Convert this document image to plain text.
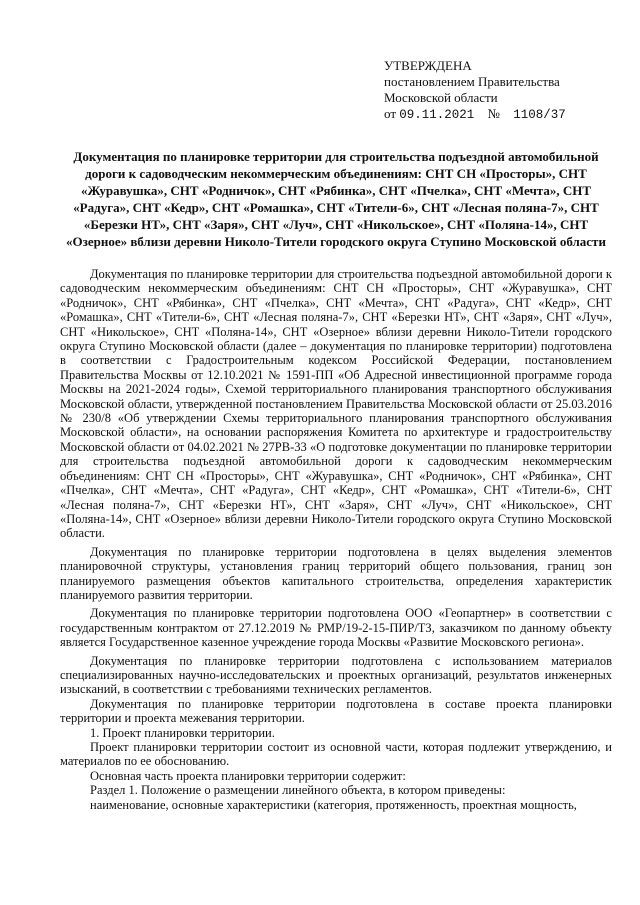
УТВЕРЖДЕНА
постановлением Правительства
Московской области
от 09.11.2021 № 1108/37
Документация по планировке территории для строительства подъездной автомобильной дороги к садоводческим некоммерческим объединениям: СНТ СН «Просторы», СНТ «Журавушка», СНТ «Родничок», СНТ «Рябинка», СНТ «Пчелка», СНТ «Мечта», СНТ «Радуга», СНТ «Кедр», СНТ «Ромашка», СНТ «Тители-6», СНТ «Лесная поляна-7», СНТ «Березки НТ», СНТ «Заря», СНТ «Луч», СНТ «Никольское», СНТ «Поляна-14», СНТ «Озерное» вблизи деревни Николо-Тители городского округа Ступино Московской области

Документация по планировке территории для строительства подъездной автомобильной дороги к садоводческим некоммерческим объединениям: СНТ СН «Просторы», СНТ «Журавушка», СНТ «Родничок», СНТ «Рябинка», СНТ «Пчелка», СНТ «Мечта», СНТ «Радуга», СНТ «Кедр», СНТ «Ромашка», СНТ «Тители-6», СНТ «Лесная поляна-7», СНТ «Березки НТ», СНТ «Заря», СНТ «Луч», СНТ «Никольское», СНТ «Поляна-14», СНТ «Озерное» вблизи деревни Николо-Тители городского округа Ступино Московской области (далее – документация по планировке территории) подготовлена в соответствии с Градостроительным кодексом Российской Федерации, постановлением Правительства Москвы от 12.10.2021 № 1591-ПП «Об Адресной инвестиционной программе города Москвы на 2021-2024 годы», Схемой территориального планирования транспортного обслуживания Московской области, утвержденной постановлением Правительства Московской области от 25.03.2016 № 230/8 «Об утверждении Схемы территориального планирования транспортного обслуживания Московской области», на основании распоряжения Комитета по архитектуре и градостроительству Московской области от 04.02.2021 № 27РВ-33 «О подготовке документации по планировке территории для строительства подъездной автомобильной дороги к садоводческим некоммерческим объединениям: СНТ СН «Просторы», СНТ «Журавушка», СНТ «Родничок», СНТ «Рябинка», СНТ «Пчелка», СНТ «Мечта», СНТ «Радуга», СНТ «Кедр», СНТ «Ромашка», СНТ «Тители-6», СНТ «Лесная поляна-7», СНТ «Березки НТ», СНТ «Заря», СНТ «Луч», СНТ «Никольское», СНТ «Поляна-14», СНТ «Озерное» вблизи деревни Николо-Тители городского округа Ступино Московской области.

Документация по планировке территории подготовлена в целях выделения элементов планировочной структуры, установления границ территорий общего пользования, границ зон планируемого размещения объектов капитального строительства, определения характеристик планируемого развития территории.

Документация по планировке территории подготовлена ООО «Геопартнер» в соответствии с государственным контрактом от 27.12.2019 № РМР/19-2-15-ПИР/ТЗ, заказчиком по данному объекту является Государственное казенное учреждение города Москвы «Развитие Московского региона».

Документация по планировке территории подготовлена с использованием материалов специализированных научно-исследовательских и проектных организаций, результатов инженерных изысканий, в соответствии с требованиями технических регламентов.

Документация по планировке территории подготовлена в составе проекта планировки территории и проекта межевания территории.

1. Проект планировки территории.

Проект планировки территории состоит из основной части, которая подлежит утверждению, и материалов по ее обоснованию.

Основная часть проекта планировки территории содержит:

Раздел 1. Положение о размещении линейного объекта, в котором приведены:

наименование, основные характеристики (категория, протяженность, проектная мощность,
